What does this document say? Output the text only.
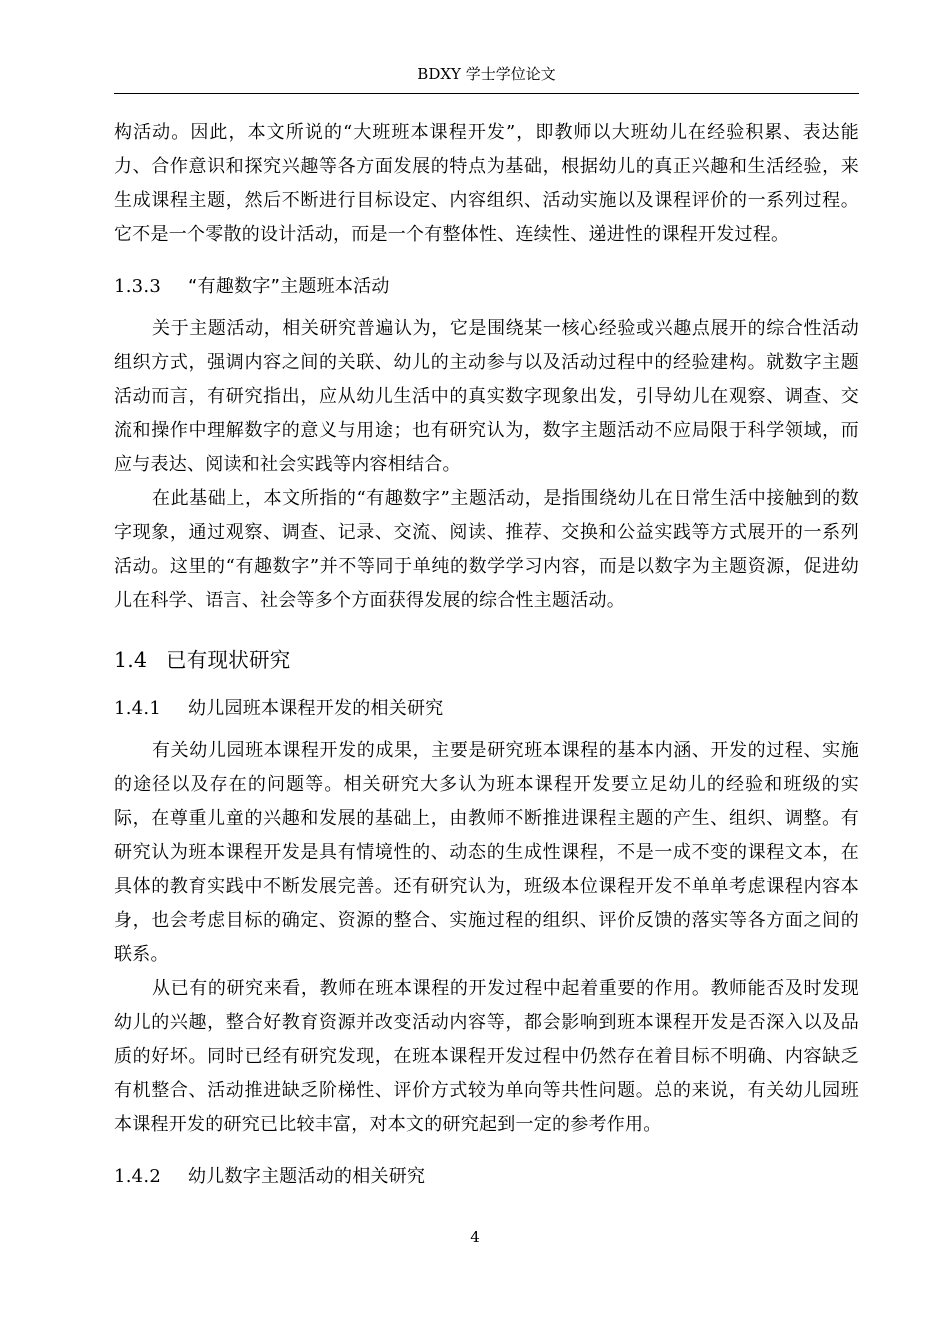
BDXY 学士学位论文

构活动。因此，本文所说的“大班班本课程开发”，即教师以大班幼儿在经验积累、表达能力、合作意识和探究兴趣等各方面发展的特点为基础，根据幼儿的真正兴趣和生活经验，来生成课程主题，然后不断进行目标设定、内容组织、活动实施以及课程评价的一系列过程。它不是一个零散的设计活动，而是一个有整体性、连续性、递进性的课程开发过程。

1.3.3 “有趣数字”主题班本活动

关于主题活动，相关研究普遍认为，它是围绕某一核心经验或兴趣点展开的综合性活动组织方式，强调内容之间的关联、幼儿的主动参与以及活动过程中的经验建构。就数字主题活动而言，有研究指出，应从幼儿生活中的真实数字现象出发，引导幼儿在观察、调查、交流和操作中理解数字的意义与用途；也有研究认为，数字主题活动不应局限于科学领域，而应与表达、阅读和社会实践等内容相结合。

在此基础上，本文所指的“有趣数字”主题活动，是指围绕幼儿在日常生活中接触到的数字现象，通过观察、调查、记录、交流、阅读、推荐、交换和公益实践等方式展开的一系列活动。这里的“有趣数字”并不等同于单纯的数学学习内容，而是以数字为主题资源，促进幼儿在科学、语言、社会等多个方面获得发展的综合性主题活动。

1.4 已有现状研究
1.4.1 幼儿园班本课程开发的相关研究

有关幼儿园班本课程开发的成果，主要是研究班本课程的基本内涵、开发的过程、实施的途径以及存在的问题等。相关研究大多认为班本课程开发要立足幼儿的经验和班级的实际，在尊重儿童的兴趣和发展的基础上，由教师不断推进课程主题的产生、组织、调整。有研究认为班本课程开发是具有情境性的、动态的生成性课程，不是一成不变的课程文本，在具体的教育实践中不断发展完善。还有研究认为，班级本位课程开发不单单考虑课程内容本身，也会考虑目标的确定、资源的整合、实施过程的组织、评价反馈的落实等各方面之间的联系。

从已有的研究来看，教师在班本课程的开发过程中起着重要的作用。教师能否及时发现幼儿的兴趣，整合好教育资源并改变活动内容等，都会影响到班本课程开发是否深入以及品质的好坏。同时已经有研究发现，在班本课程开发过程中仍然存在着目标不明确、内容缺乏有机整合、活动推进缺乏阶梯性、评价方式较为单向等共性问题。总的来说，有关幼儿园班本课程开发的研究已比较丰富，对本文的研究起到一定的参考作用。

1.4.2 幼儿数字主题活动的相关研究
4
